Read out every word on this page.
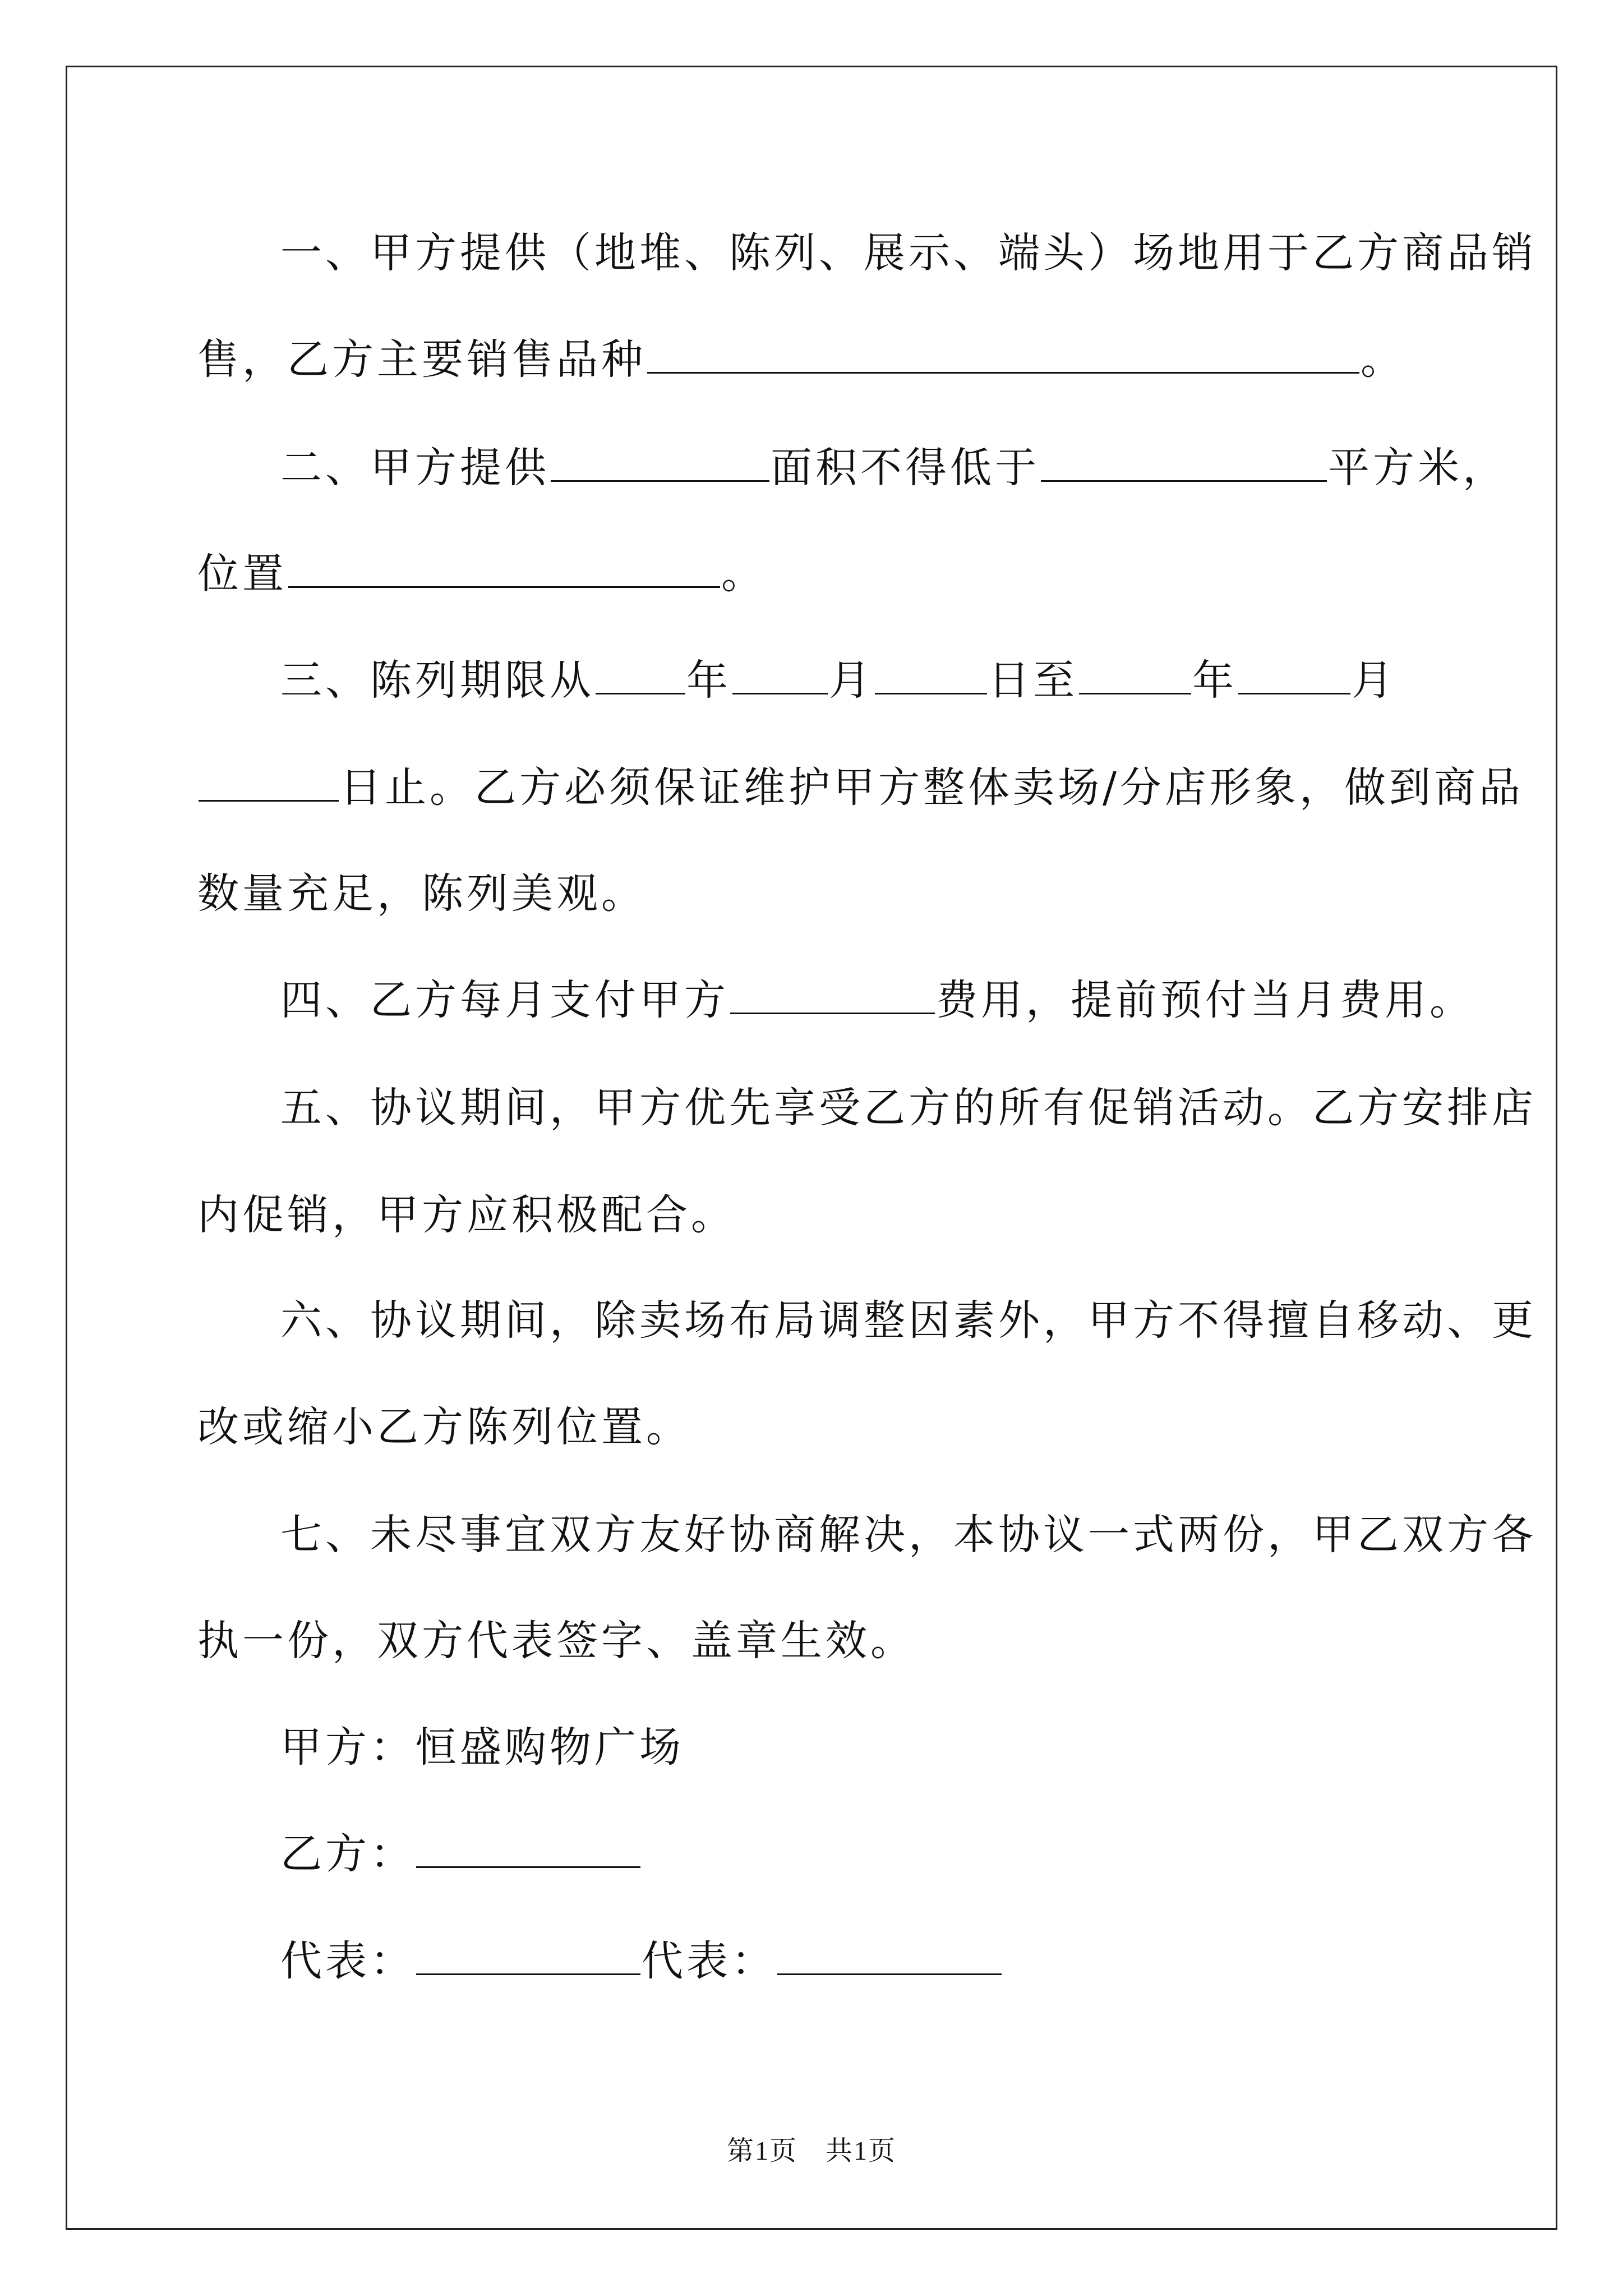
一、甲方提供（地堆、陈列、展示、端头）场地用于乙方商品销
售，乙方主要销售品种	。
二、甲方提供	面积不得低于	平方米，
位置	。
三、陈列期限从 年 月	日至	年	月
日止。乙方必须保证维护甲方整体卖场/分店形象，做到商品
数量充足，陈列美观。
四、乙方每月支付甲方	费用，提前预付当月费用。
五、协议期间，甲方优先享受乙方的所有促销活动。乙方安排店
内促销，甲方应积极配合。
六、协议期间，除卖场布局调整因素外，甲方不得擅自移动、更
改或缩小乙方陈列位置。
七、未尽事宜双方友好协商解决，本协议一式两份，甲乙双方各
执一份，双方代表签字、盖章生效。
甲方：恒盛购物广场
乙方：
代表：	代表：
第1页　共1页
